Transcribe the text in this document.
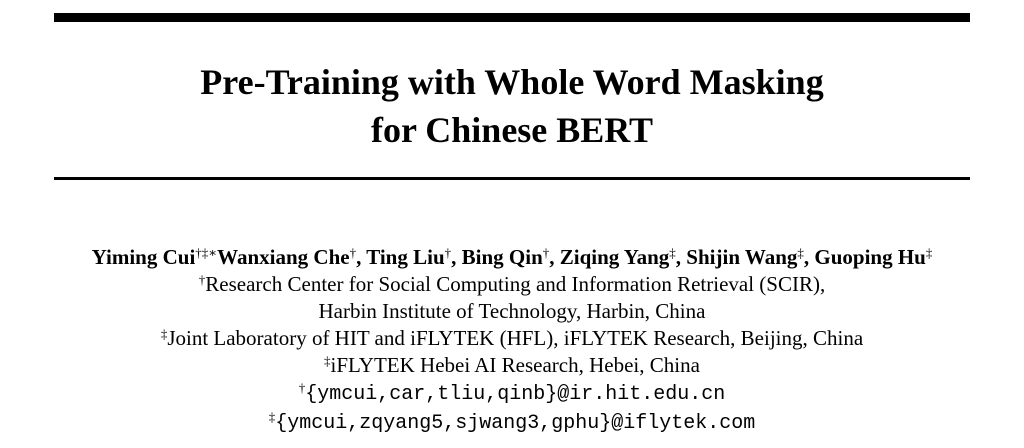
Pre-Training with Whole Word Masking
for Chinese BERT
Yiming Cui†‡∗Wanxiang Che†, Ting Liu†, Bing Qin†, Ziqing Yang‡, Shijin Wang‡, Guoping Hu‡
†Research Center for Social Computing and Information Retrieval (SCIR),
Harbin Institute of Technology, Harbin, China
‡Joint Laboratory of HIT and iFLYTEK (HFL), iFLYTEK Research, Beijing, China
‡iFLYTEK Hebei AI Research, Hebei, China
†{ymcui,car,tliu,qinb}@ir.hit.edu.cn
‡{ymcui,zqyang5,sjwang3,gphu}@iflytek.com
